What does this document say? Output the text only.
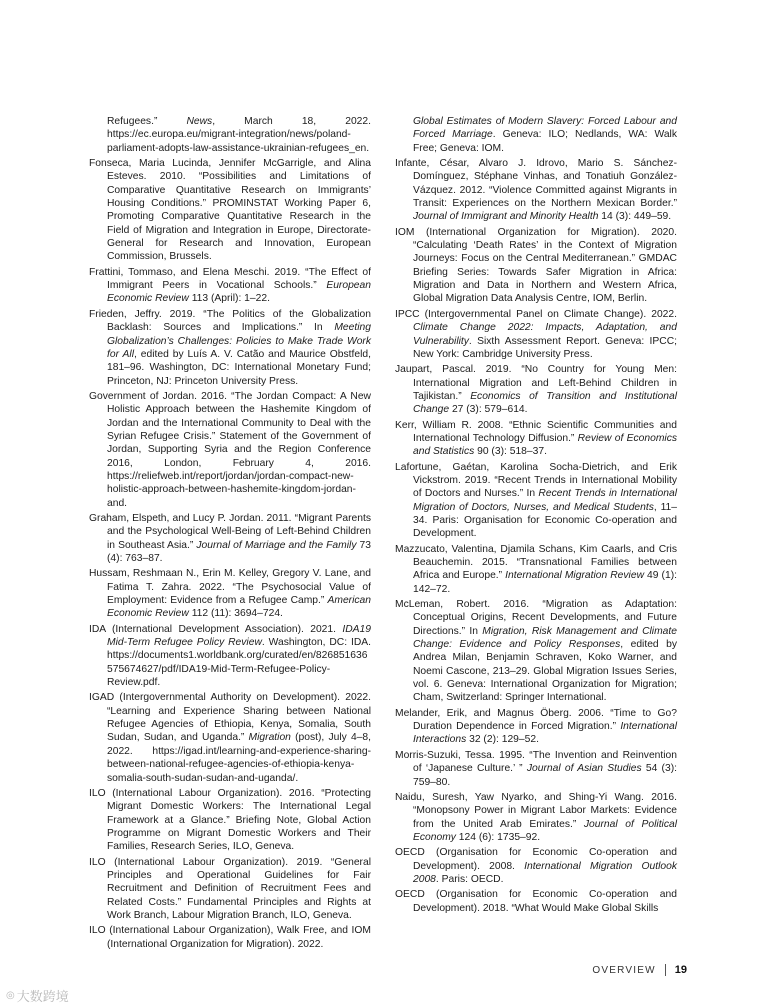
Refugees.” News, March 18, 2022. https://ec.europa.eu/migrant-integration/news/poland-parliament-adopts-law-assistance-ukrainian-refugees_en.

Fonseca, Maria Lucinda, Jennifer McGarrigle, and Alina Esteves. 2010. “Possibilities and Limitations of Comparative Quantitative Research on Immigrants’ Housing Conditions.” PROMINSTAT Working Paper 6, Promoting Comparative Quantitative Research in the Field of Migration and Integration in Europe, Directorate-General for Research and Innovation, European Commission, Brussels.

Frattini, Tommaso, and Elena Meschi. 2019. “The Effect of Immigrant Peers in Vocational Schools.” European Economic Review 113 (April): 1–22.

Frieden, Jeffry. 2019. “The Politics of the Globalization Backlash: Sources and Implications.” In Meeting Globalization’s Challenges: Policies to Make Trade Work for All, edited by Luís A. V. Catão and Maurice Obstfeld, 181–96. Washington, DC: International Monetary Fund; Princeton, NJ: Princeton University Press.

Government of Jordan. 2016. “The Jordan Compact: A New Holistic Approach between the Hashemite Kingdom of Jordan and the International Community to Deal with the Syrian Refugee Crisis.” Statement of the Government of Jordan, Supporting Syria and the Region Conference 2016, London, February 4, 2016. https://reliefweb.int/report/jordan/jordan-compact-new-holistic-approach-between-hashemite-kingdom-jordan-and.

Graham, Elspeth, and Lucy P. Jordan. 2011. “Migrant Parents and the Psychological Well-Being of Left-Behind Children in Southeast Asia.” Journal of Marriage and the Family 73 (4): 763–87.

Hussam, Reshmaan N., Erin M. Kelley, Gregory V. Lane, and Fatima T. Zahra. 2022. “The Psychosocial Value of Employment: Evidence from a Refugee Camp.” American Economic Review 112 (11): 3694–724.

IDA (International Development Association). 2021. IDA19 Mid-Term Refugee Policy Review. Washington, DC: IDA. https://documents1.worldbank.org/curated/en/826851636575674627/pdf/IDA19-Mid-Term-Refugee-Policy-Review.pdf.

IGAD (Intergovernmental Authority on Development). 2022. “Learning and Experience Sharing between National Refugee Agencies of Ethiopia, Kenya, Somalia, South Sudan, Sudan, and Uganda.” Migration (post), July 4–8, 2022. https://igad.int/learning-and-experience-sharing-between-national-refugee-agencies-of-ethiopia-kenya-somalia-south-sudan-sudan-and-uganda/.

ILO (International Labour Organization). 2016. “Protecting Migrant Domestic Workers: The International Legal Framework at a Glance.” Briefing Note, Global Action Programme on Migrant Domestic Workers and Their Families, Research Series, ILO, Geneva.

ILO (International Labour Organization). 2019. “General Principles and Operational Guidelines for Fair Recruitment and Definition of Recruitment Fees and Related Costs.” Fundamental Principles and Rights at Work Branch, Labour Migration Branch, ILO, Geneva.

ILO (International Labour Organization), Walk Free, and IOM (International Organization for Migration). 2022.

Global Estimates of Modern Slavery: Forced Labour and Forced Marriage. Geneva: ILO; Nedlands, WA: Walk Free; Geneva: IOM.

Infante, César, Alvaro J. Idrovo, Mario S. Sánchez-Domínguez, Stéphane Vinhas, and Tonatiuh González-Vázquez. 2012. “Violence Committed against Migrants in Transit: Experiences on the Northern Mexican Border.” Journal of Immigrant and Minority Health 14 (3): 449–59.

IOM (International Organization for Migration). 2020. “Calculating ‘Death Rates’ in the Context of Migration Journeys: Focus on the Central Mediterranean.” GMDAC Briefing Series: Towards Safer Migration in Africa: Migration and Data in Northern and Western Africa, Global Migration Data Analysis Centre, IOM, Berlin.

IPCC (Intergovernmental Panel on Climate Change). 2022. Climate Change 2022: Impacts, Adaptation, and Vulnerability. Sixth Assessment Report. Geneva: IPCC; New York: Cambridge University Press.

Jaupart, Pascal. 2019. “No Country for Young Men: International Migration and Left-Behind Children in Tajikistan.” Economics of Transition and Institutional Change 27 (3): 579–614.

Kerr, William R. 2008. “Ethnic Scientific Communities and International Technology Diffusion.” Review of Economics and Statistics 90 (3): 518–37.

Lafortune, Gaétan, Karolina Socha-Dietrich, and Erik Vickstrom. 2019. “Recent Trends in International Mobility of Doctors and Nurses.” In Recent Trends in International Migration of Doctors, Nurses, and Medical Students, 11–34. Paris: Organisation for Economic Co-operation and Development.

Mazzucato, Valentina, Djamila Schans, Kim Caarls, and Cris Beauchemin. 2015. “Transnational Families between Africa and Europe.” International Migration Review 49 (1): 142–72.

McLeman, Robert. 2016. “Migration as Adaptation: Conceptual Origins, Recent Developments, and Future Directions.” In Migration, Risk Management and Climate Change: Evidence and Policy Responses, edited by Andrea Milan, Benjamin Schraven, Koko Warner, and Noemi Cascone, 213–29. Global Migration Issues Series, vol. 6. Geneva: International Organization for Migration; Cham, Switzerland: Springer International.

Melander, Erik, and Magnus Öberg. 2006. “Time to Go? Duration Dependence in Forced Migration.” International Interactions 32 (2): 129–52.

Morris-Suzuki, Tessa. 1995. “The Invention and Reinvention of ‘Japanese Culture.’ ” Journal of Asian Studies 54 (3): 759–80.

Naidu, Suresh, Yaw Nyarko, and Shing-Yi Wang. 2016. “Monopsony Power in Migrant Labor Markets: Evidence from the United Arab Emirates.” Journal of Political Economy 124 (6): 1735–92.

OECD (Organisation for Economic Co-operation and Development). 2008. International Migration Outlook 2008. Paris: OECD.

OECD (Organisation for Economic Co-operation and Development). 2018. “What Would Make Global Skills

OVERVIEW 19
◎ 大数跨境
